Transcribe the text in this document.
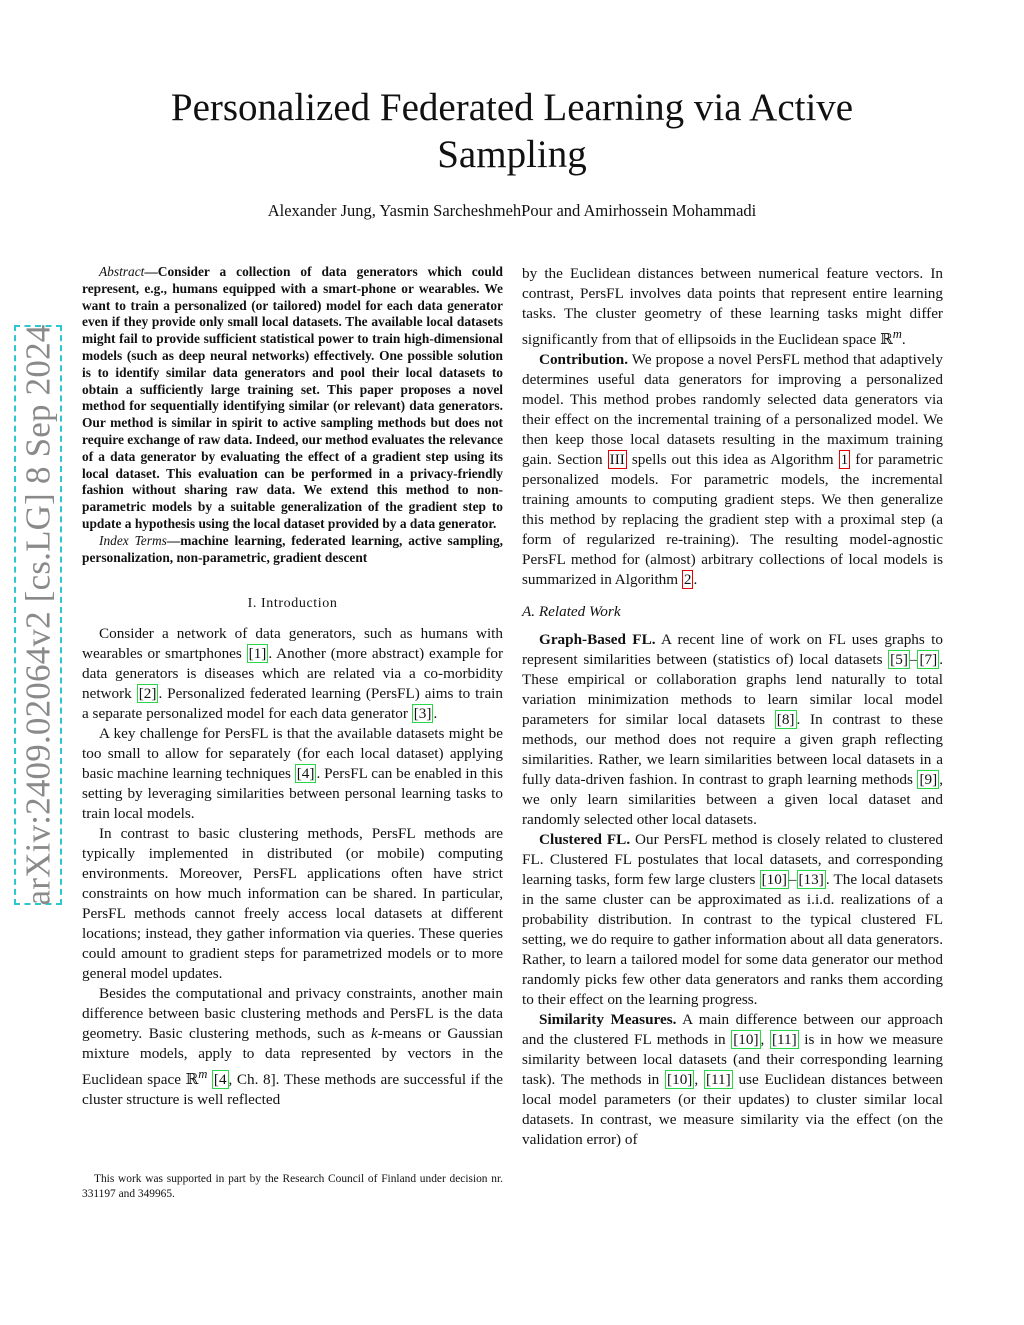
arXiv:2409.02064v2 [cs.LG] 8 Sep 2024
Personalized Federated Learning via Active Sampling
Alexander Jung, Yasmin SarcheshmehPour and Amirhossein Mohammadi

Abstract—Consider a collection of data generators which could represent, e.g., humans equipped with a smart-phone or wearables. We want to train a personalized (or tailored) model for each data generator even if they provide only small local datasets. The available local datasets might fail to provide sufficient statistical power to train high-dimensional models (such as deep neural networks) effectively. One possible solution is to identify similar data generators and pool their local datasets to obtain a sufficiently large training set. This paper proposes a novel method for sequentially identifying similar (or relevant) data generators. Our method is similar in spirit to active sampling methods but does not require exchange of raw data. Indeed, our method evaluates the relevance of a data generator by evaluating the effect of a gradient step using its local dataset. This evaluation can be performed in a privacy-friendly fashion without sharing raw data. We extend this method to non-parametric models by a suitable generalization of the gradient step to update a hypothesis using the local dataset provided by a data generator.

Index Terms—machine learning, federated learning, active sampling, personalization, non-parametric, gradient descent

I. Introduction

Consider a network of data generators, such as humans with wearables or smartphones [1] . Another (more abstract) example for data generators is diseases which are related via a co-morbidity network [2] . Personalized federated learning (PersFL) aims to train a separate personalized model for each data generator [3] .

A key challenge for PersFL is that the available datasets might be too small to allow for separately (for each local dataset) applying basic machine learning techniques [4] . PersFL can be enabled in this setting by leveraging similarities between personal learning tasks to train local models.

In contrast to basic clustering methods, PersFL methods are typically implemented in distributed (or mobile) computing environments. Moreover, PersFL applications often have strict constraints on how much information can be shared. In particular, PersFL methods cannot freely access local datasets at different locations; instead, they gather information via queries. These queries could amount to gradient steps for parametrized models or to more general model updates.

Besides the computational and privacy constraints, another main difference between basic clustering methods and PersFL is the data geometry. Basic clustering methods, such as k-means or Gaussian mixture models, apply to data represented by vectors in the Euclidean space ℝ$^m$ [4 , Ch. 8]. These methods are successful if the cluster structure is well reflected

This work was supported in part by the Research Council of Finland under decision nr. 331197 and 349965.

by the Euclidean distances between numerical feature vectors. In contrast, PersFL involves data points that represent entire learning tasks. The cluster geometry of these learning tasks might differ significantly from that of ellipsoids in the Euclidean space ℝ$^m$.

Contribution. We propose a novel PersFL method that adaptively determines useful data generators for improving a personalized model. This method probes randomly selected data generators via their effect on the incremental training of a personalized model. We then keep those local datasets resulting in the maximum training gain. Section III spells out this idea as Algorithm 1 for parametric personalized models. For parametric models, the incremental training amounts to computing gradient steps. We then generalize this method by replacing the gradient step with a proximal step (a form of regularized re-training). The resulting model-agnostic PersFL method for (almost) arbitrary collections of local models is summarized in Algorithm 2 .

A. Related Work

Graph-Based FL. A recent line of work on FL uses graphs to represent similarities between (statistics of) local datasets [5] – [7] . These empirical or collaboration graphs lend naturally to total variation minimization methods to learn similar local model parameters for similar local datasets [8] . In contrast to these methods, our method does not require a given graph reflecting similarities. Rather, we learn similarities between local datasets in a fully data-driven fashion. In contrast to graph learning methods [9] , we only learn similarities between a given local dataset and randomly selected other local datasets.

Clustered FL. Our PersFL method is closely related to clustered FL. Clustered FL postulates that local datasets, and corresponding learning tasks, form few large clusters [10] – [13] . The local datasets in the same cluster can be approximated as i.i.d. realizations of a probability distribution. In contrast to the typical clustered FL setting, we do require to gather information about all data generators. Rather, to learn a tailored model for some data generator our method randomly picks few other data generators and ranks them according to their effect on the learning progress.

Similarity Measures. A main difference between our approach and the clustered FL methods in [10] , [11] is in how we measure similarity between local datasets (and their corresponding learning task). The methods in [10] , [11] use Euclidean distances between local model parameters (or their updates) to cluster similar local datasets. In contrast, we measure similarity via the effect (on the validation error) of
